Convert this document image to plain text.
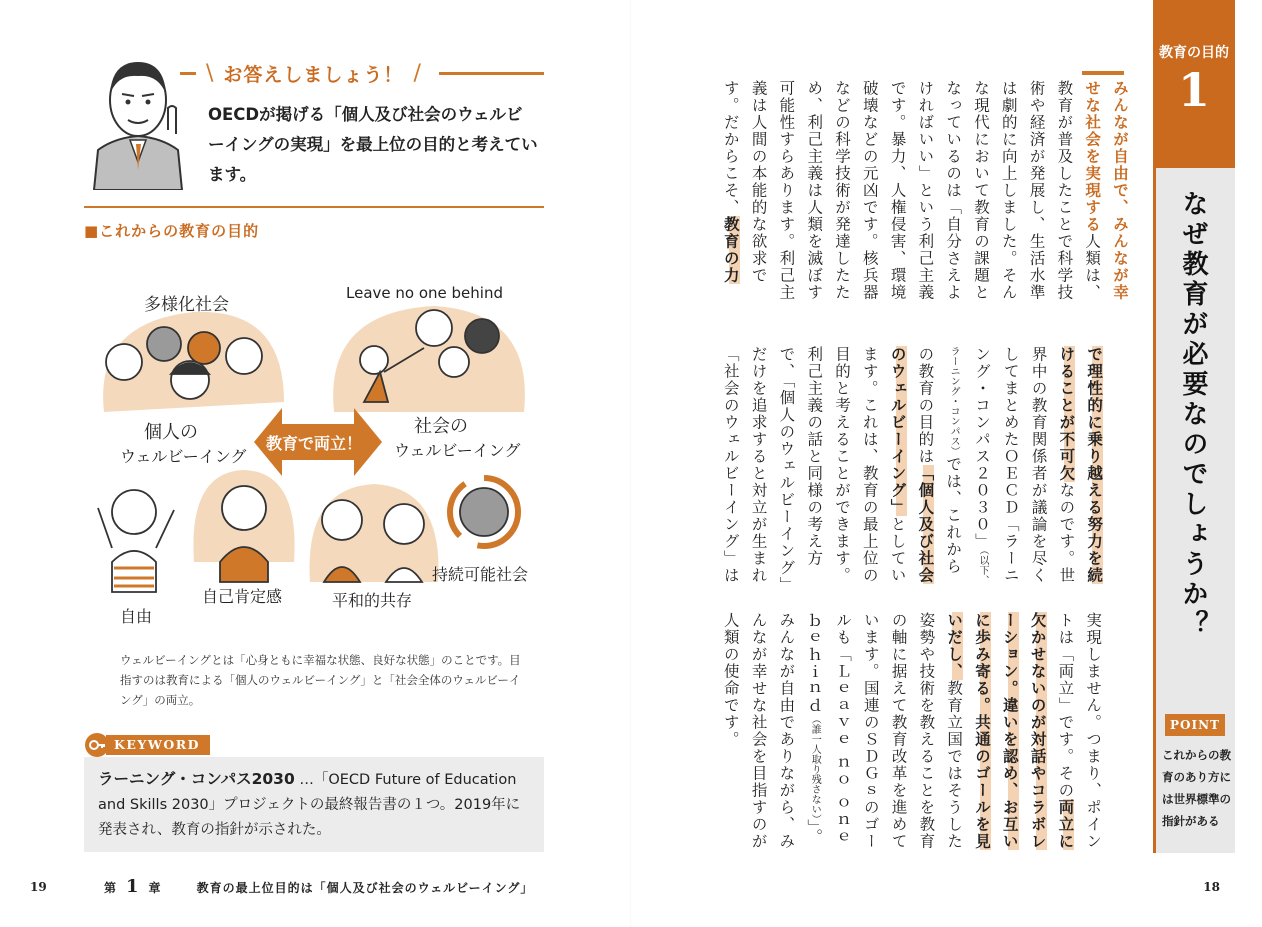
\ お答えしましょう！ /
OECDが掲げる「個人及び社会のウェルビーイングの実現」を最上位の目的と考えています。
■これからの教育の目的
多様化社会
Leave no one behind
個人の
ウェルビーイング
社会の
ウェルビーイング
教育で両立！
自由
自己肯定感	平和的共存
持続可能社会
ウェルビーイングとは「心身ともに幸福な状態、良好な状態」のことです。目指すのは教育による「個人のウェルビーイング」と「社会全体のウェルビーイング」の両立。
KEYWORD
ラーニング・コンパス2030 …「OECD Future of Education and Skills 2030」プロジェクトの最終報告書の１つ。2019年に発表され、教育の指針が示された。
19	第 1 章	教育の最上位目的は「個人及び社会のウェルビーイング」
みんなが自由で、みんなが幸せな社会を実現する人類は、教育が普及したことで科学技術や経済が発展し、生活水準は劇的に向上しました。そんな現代において教育の課題となっているのは「自分さえよければいい」という利己主義です。暴力、人権侵害、環境破壊などの元凶です。核兵器などの科学技術が発達したため、利己主義は人類を滅ぼす可能性すらあります。利己主義は人間の本能的な欲求です。だからこそ、教育の力
で理性的に乗り越える努力を続けることが不可欠なのです。世界中の教育関係者が議論を尽くしてまとめたＯＥＣＤ「ラーニング・コンパス２０３０」（以下、ラーニング・コンパス）では、これからの教育の目的は「個人及び社会のウェルビーイング」としています。これは、教育の最上位の目的と考えることができます。利己主義の話と同様の考え方で、「個人のウェルビーイング」だけを追求すると対立が生まれ「社会のウェルビーイング」は
実現しません。つまり、ポイントは「両立」です。その両立に欠かせないのが対話やコラボレーション。違いを認め、お互いに歩み寄る。共通のゴールを見いだし、教育立国ではそうした姿勢や技術を教えることを教育の軸に据えて教育改革を進めています。国連のＳＤＧｓのゴールも「Ｌｅａｖｅ ｎｏ ｏｎｅ ｂｅｈｉｎｄ（誰一人取り残さない）」。みんなが自由でありながら、みんなが幸せな社会を目指すのが人類の使命です。
教育の目的
1
なぜ教育が必要なのでしょうか？
POINT
これからの教育のあり方には世界標準の指針がある
18
